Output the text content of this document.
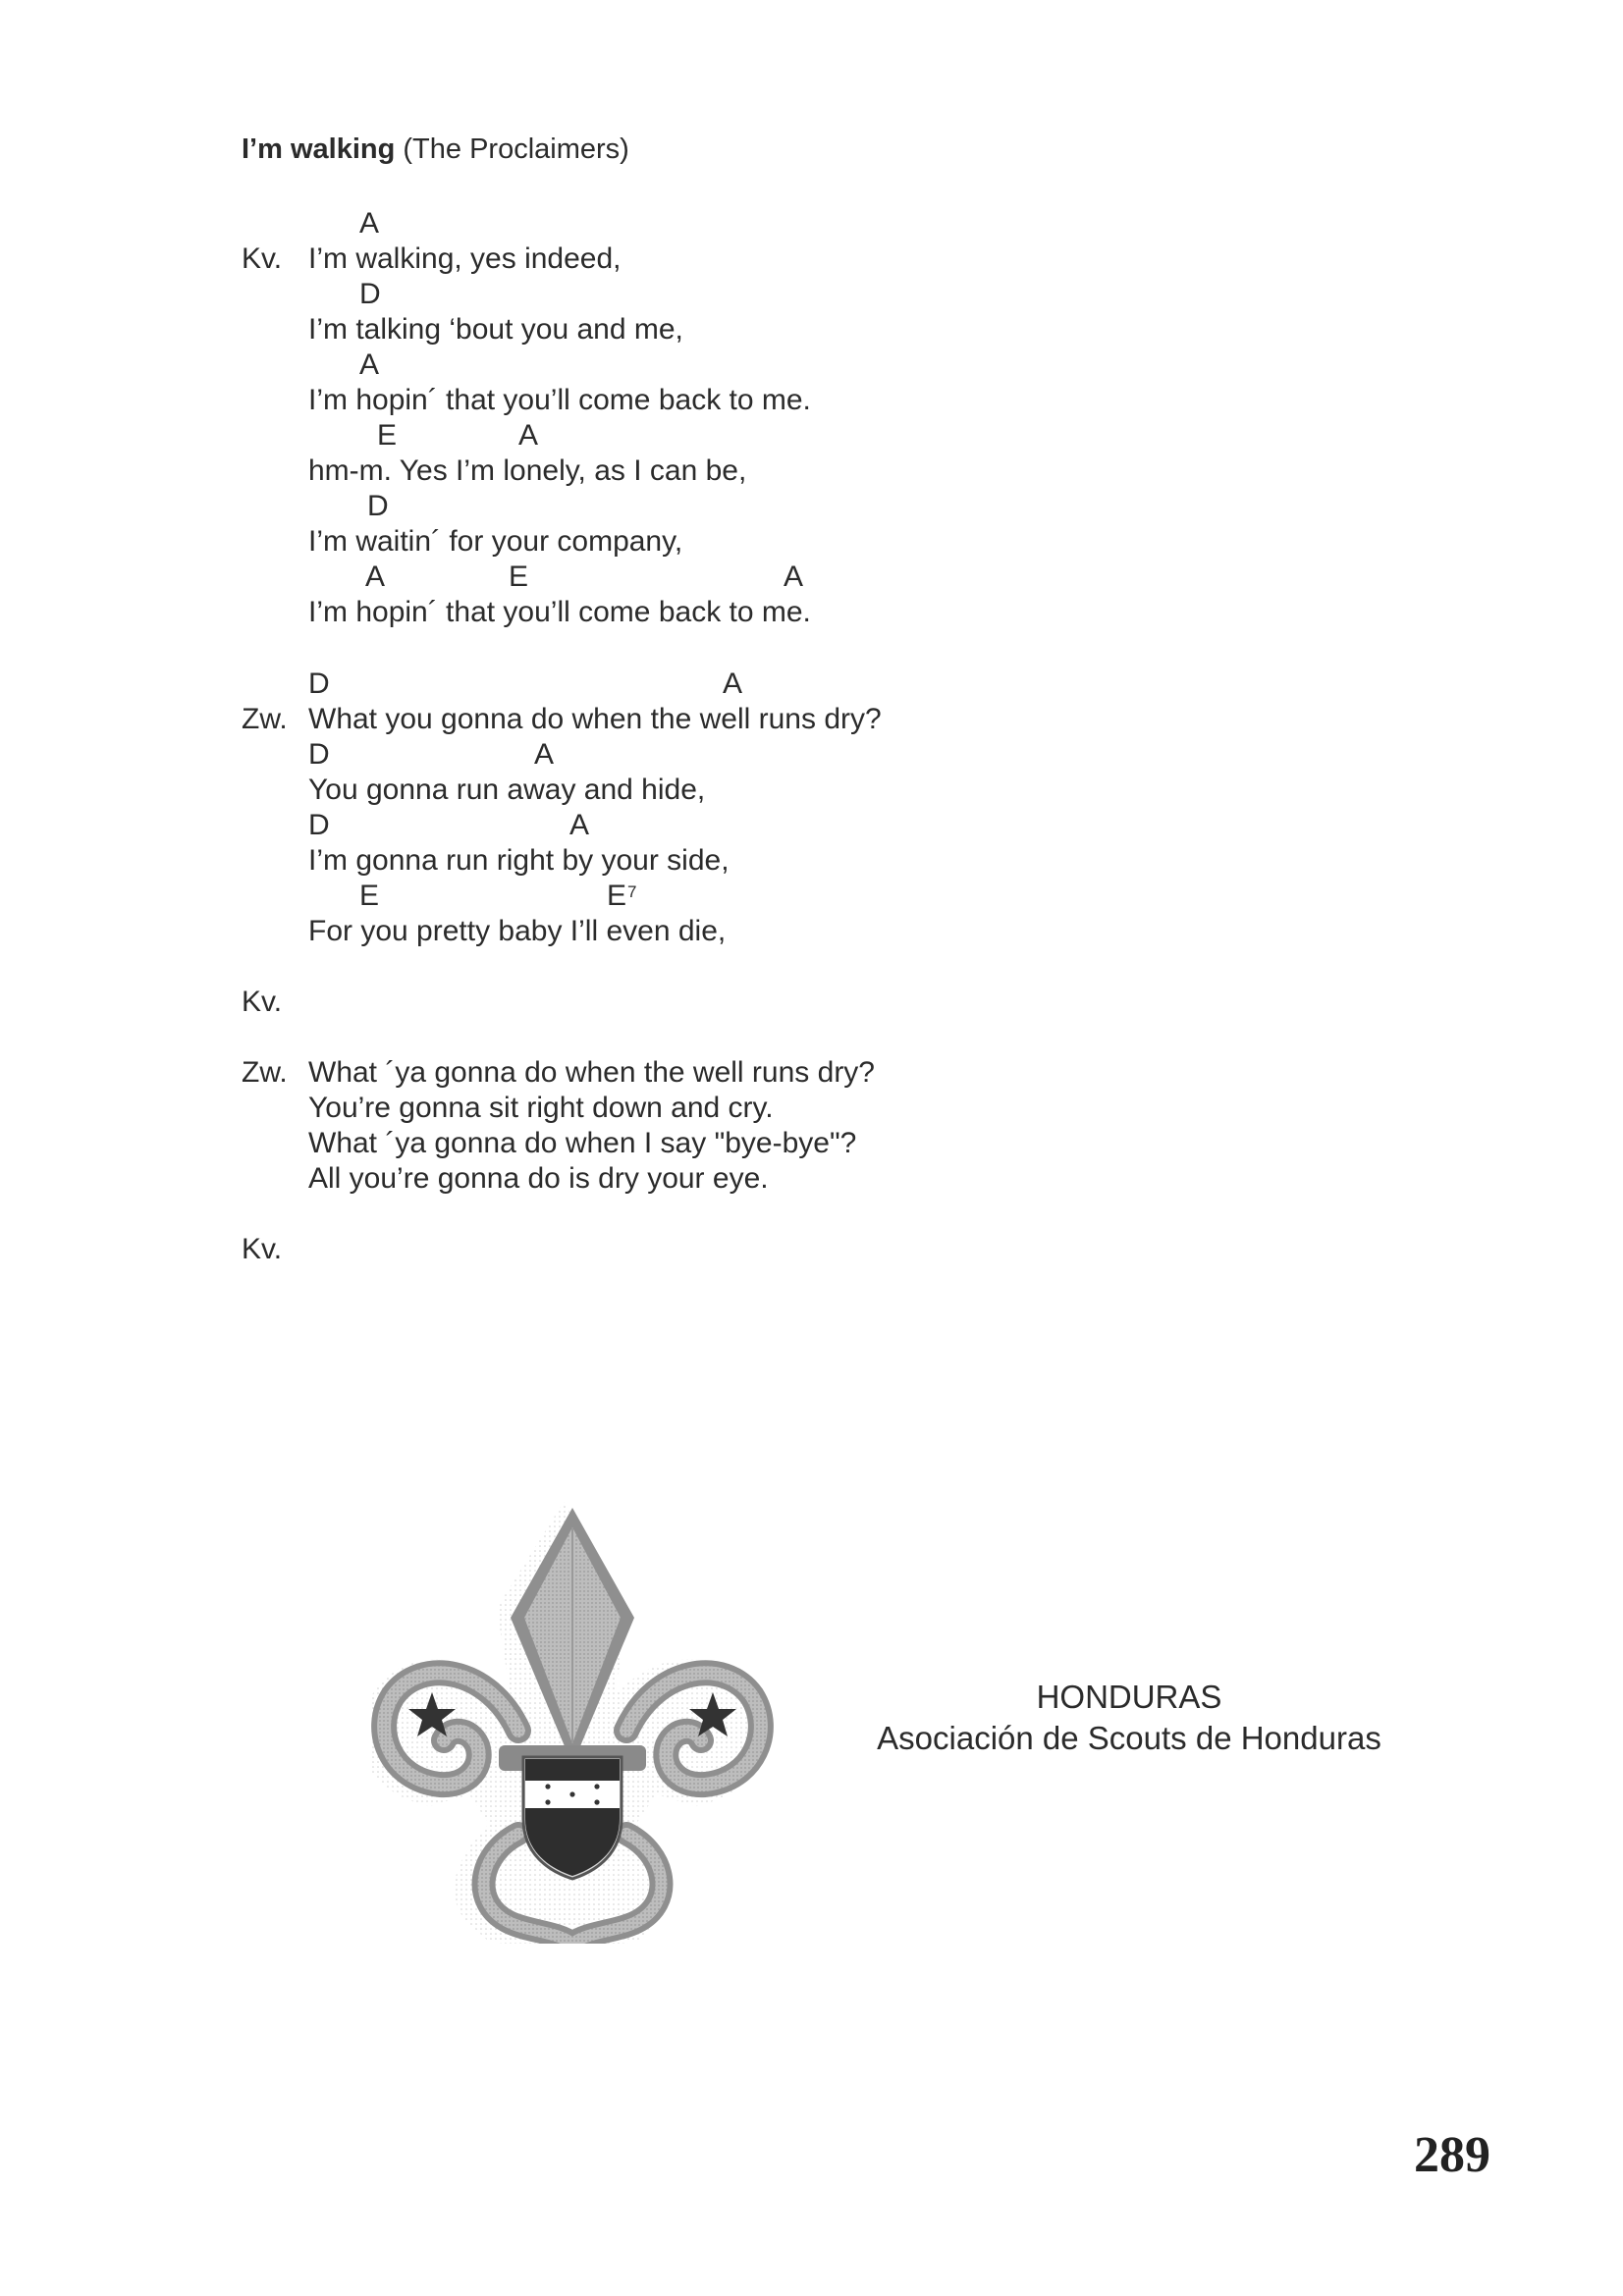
I’m walking (The Proclaimers)
Kv.
A
I’m walking, yes indeed,
D
I’m talking ‘bout you and me,
A
I’m hopin´ that you’ll come back to me.
E	A
hm-m. Yes I’m lonely, as I can be,
D
I’m waitin´ for your company,
A	E	A
I’m hopin´ that you’ll come back to me.
D	A
Zw. What you gonna do when the well runs dry?
D	A
You gonna run away and hide,
D	A
I’m gonna run right by your side,
E	$E^7$
For you pretty baby I’ll even die,
Kv.
Zw. What ´ya gonna do when the well runs dry?
You’re gonna sit right down and cry.
What ´ya gonna do when I say "bye-bye"?
All you’re gonna do is dry your eye.
Kv.
HONDURAS
Asociación de Scouts de Honduras
289
